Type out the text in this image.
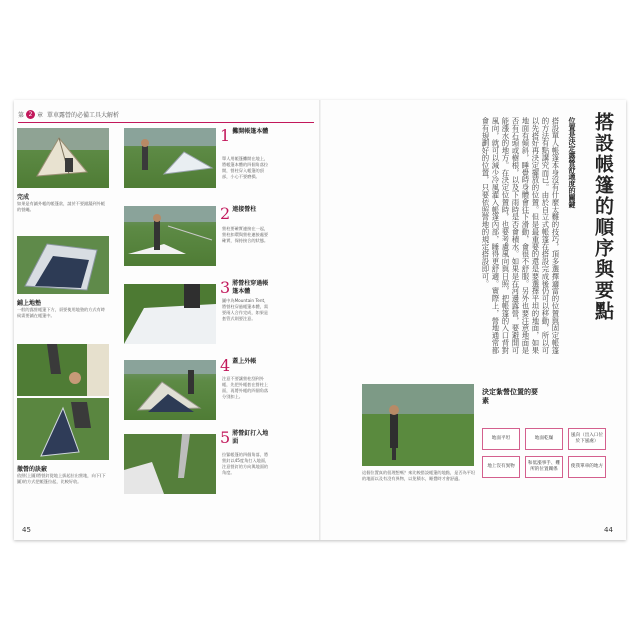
第 2 章 單車露營的必備工具大解析
完成
如果是有鋪外帳的帳篷款，請於不要錯漏到外帳的營繩。
鋪上地墊
一般的露營帳篷下方，須要使用地墊的方式有時候需要鋪在帳篷中。
撤營的訣竅
依照(上圖)將營釘從地上拔起拉出營地，向下(下圖)的方式把帳篷拉起，比較好收。
1 攤開帳篷本體
單人用帳篷攤開在地上，將帳篷本體的四個角落拉開，營柱穿入帳篷的頂部，小心不要磨損。
2 連接營柱
營柱要確實連接在一起，營柱扣環與營柱連接處要確實，保持接合的狀態。
3 將營柱穿過帳篷本體
圖中為Mountain Tent，將營柱穿過帳篷本體，需要兩人合作完成，如果是套管式則要注意。
4 蓋上外帳
注意不要讓營柱刮到外帳，先把外帳套在營柱上面，再將外帳的四個角落分別扣上。
5 將營釘打入地面
拉緊帳篷的四個角落，將營釘以45度角打入地面，注意營釘的方向與地面的角度。
45
搭設帳篷的順序與要點
位置是決定露營舒適度的關鍵
搭設單人帳篷本身沒有什麼太難的技巧，頂多選擇適當的位置與固定帳篷的方法有點講究而已。由於自立式帳篷在搭設完成後仍可以移動，所以可以先搭好再決定擺放的位置。但是最重要的還是要選擇平坦的地面，如果地面有傾斜，睡覺時身體會往下滑動，會很不舒服。另外也要注意地面是否有石頭或樹根，以及下雨時是否會積水。如果是在河邊露營，要避開可能漲水的地方。在決定位置時，也要考慮風向與日照，把帳篷的入口背對風向，就可以減少冷風灌入帳篷內部，睡得更舒適。實際上，營地通常都會有規劃好的位置，只要依照營地的規定搭設即可。
這個位置真的很理想嗎？來比較搭設帳篷的地點，是否為平坦的地面以及有沒有異物，以免積水，睡覺時才會舒適。
決定紮營位置的要素
地面平坦	地面乾燥
風向（出入口位於下風處）
地上沒有異物
和低漲事手、難所的位置關係
使我單車的地方
44
